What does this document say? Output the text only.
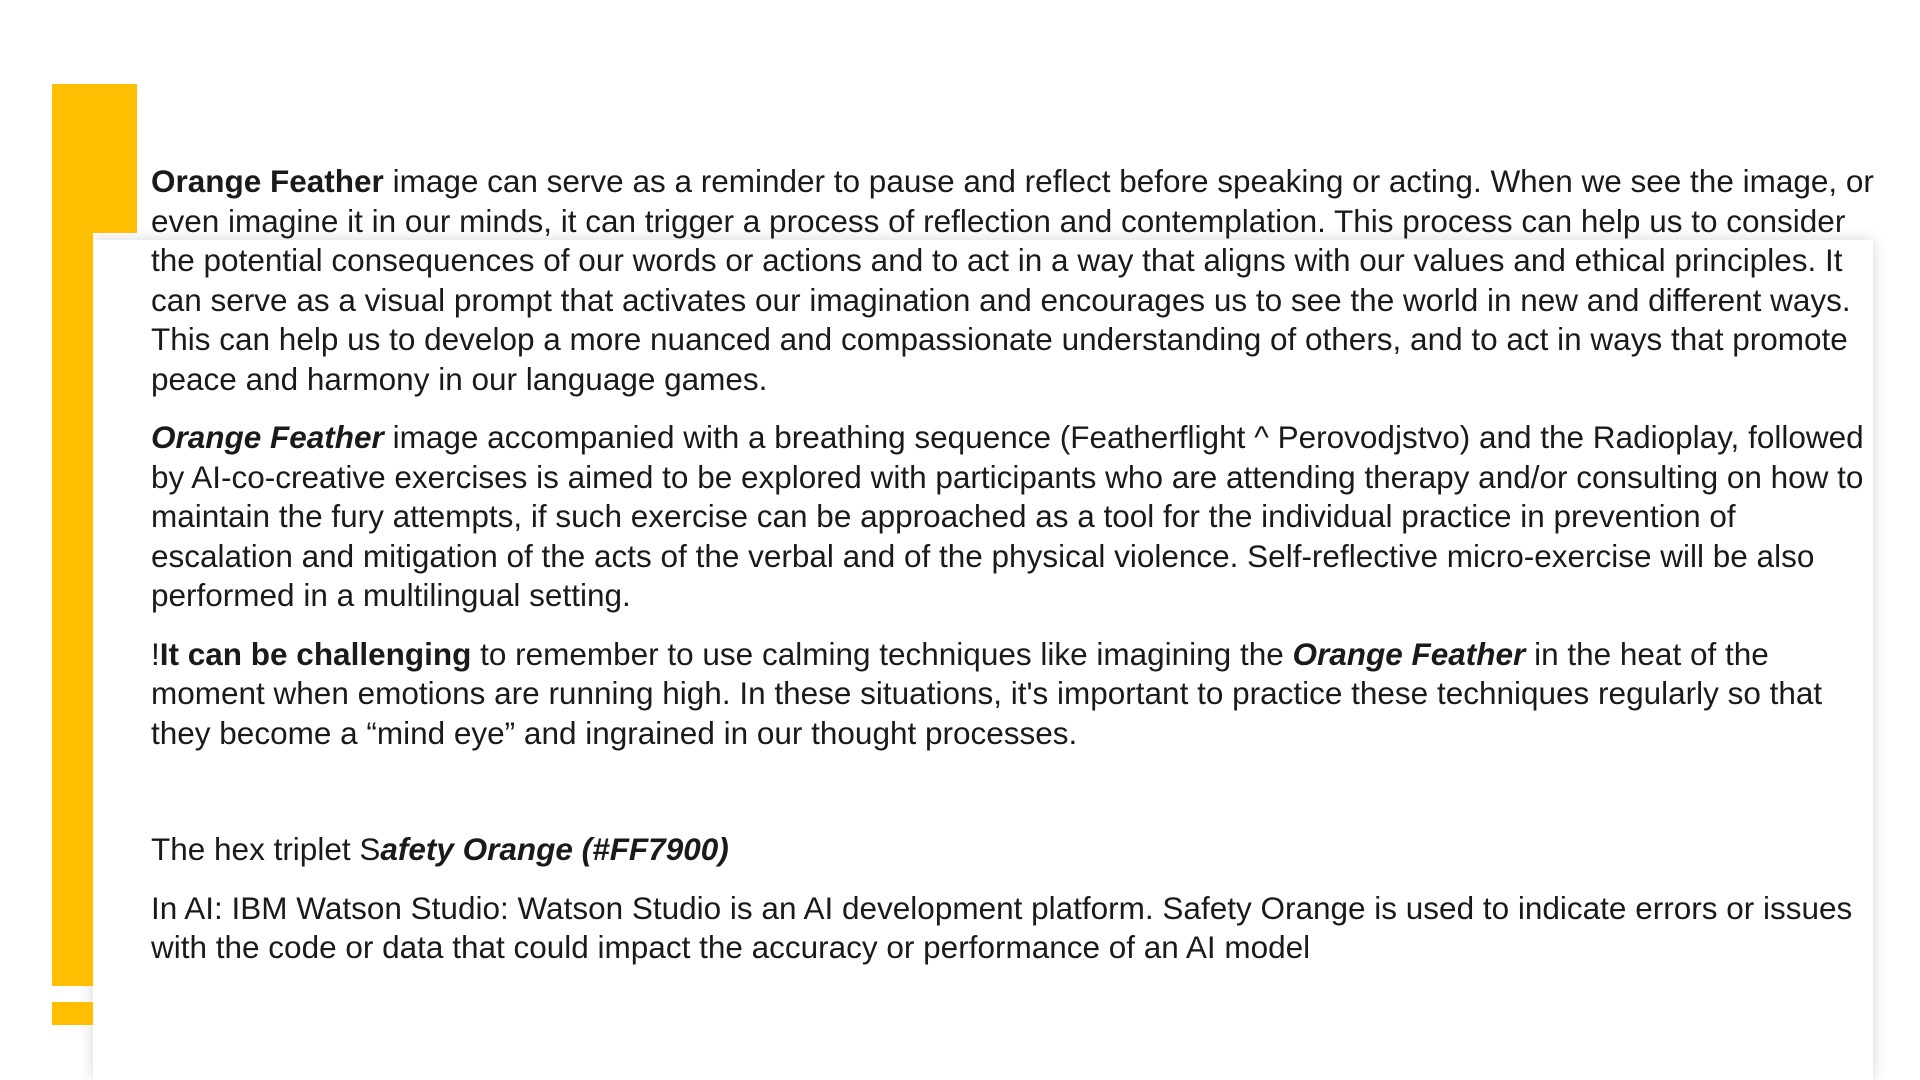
Orange Feather image can serve as a reminder to pause and reflect before speaking or acting. When we see the image, or even imagine it in our minds, it can trigger a process of reflection and contemplation. This process can help us to consider the potential consequences of our words or actions and to act in a way that aligns with our values and ethical principles. It can serve as a visual prompt that activates our imagination and encourages us to see the world in new and different ways. This can help us to develop a more nuanced and compassionate understanding of others, and to act in ways that promote peace and harmony in our language games.

Orange Feather image accompanied with a breathing sequence (Featherflight ^ Perovodjstvo) and the Radioplay, followed by AI-co-creative exercises is aimed to be explored with participants who are attending therapy and/or consulting on how to maintain the fury attempts, if such exercise can be approached as a tool for the individual practice in prevention of escalation and mitigation of the acts of the verbal and of the physical violence. Self-reflective micro-exercise will be also performed in a multilingual setting.

!It can be challenging to remember to use calming techniques like imagining the Orange Feather in the heat of the moment when emotions are running high. In these situations, it's important to practice these techniques regularly so that they become a “mind eye” and ingrained in our thought processes.

The hex triplet Safety Orange (#FF7900)

In AI: IBM Watson Studio: Watson Studio is an AI development platform. Safety Orange is used to indicate errors or issues with the code or data that could impact the accuracy or performance of an AI model
